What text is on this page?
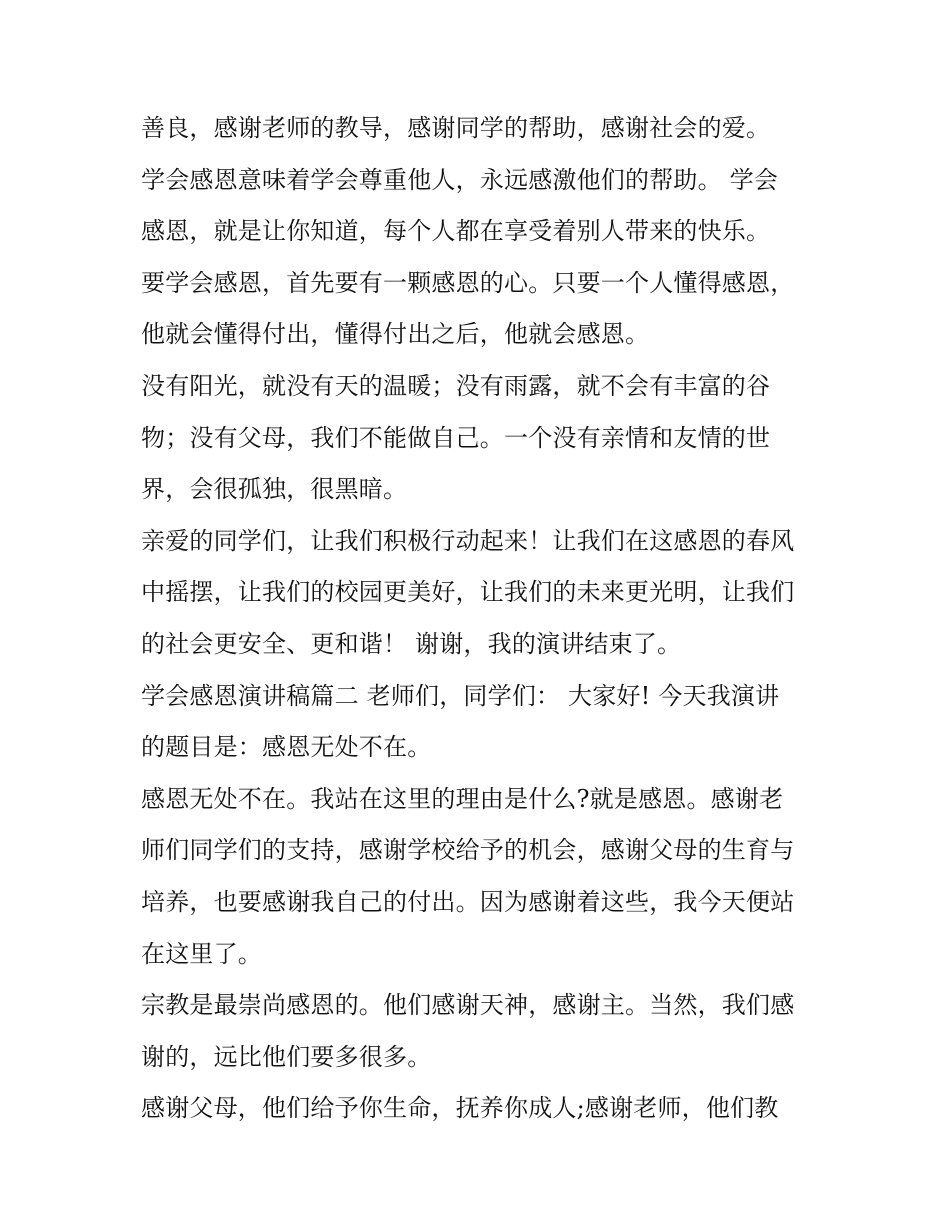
善良，感谢老师的教导，感谢同学的帮助，感谢社会的爱。
学会感恩意味着学会尊重他人，永远感激他们的帮助。 学会
感恩，就是让你知道，每个人都在享受着别人带来的快乐。
要学会感恩，首先要有一颗感恩的心。只要一个人懂得感恩，
他就会懂得付出，懂得付出之后，他就会感恩。
没有阳光，就没有天的温暖；没有雨露，就不会有丰富的谷
物；没有父母，我们不能做自己。一个没有亲情和友情的世
界，会很孤独，很黑暗。
亲爱的同学们，让我们积极行动起来！让我们在这感恩的春风
中摇摆，让我们的校园更美好，让我们的未来更光明，让我们
的社会更安全、更和谐！ 谢谢，我的演讲结束了。
学会感恩演讲稿篇二 老师们，同学们： 大家好! 今天我演讲
的题目是：感恩无处不在。
感恩无处不在。我站在这里的理由是什么?就是感恩。感谢老
师们同学们的支持，感谢学校给予的机会，感谢父母的生育与
培养，也要感谢我自己的付出。因为感谢着这些，我今天便站
在这里了。
宗教是最崇尚感恩的。他们感谢天神，感谢主。当然，我们感
谢的，远比他们要多很多。
感谢父母，他们给予你生命，抚养你成人;感谢老师，他们教
